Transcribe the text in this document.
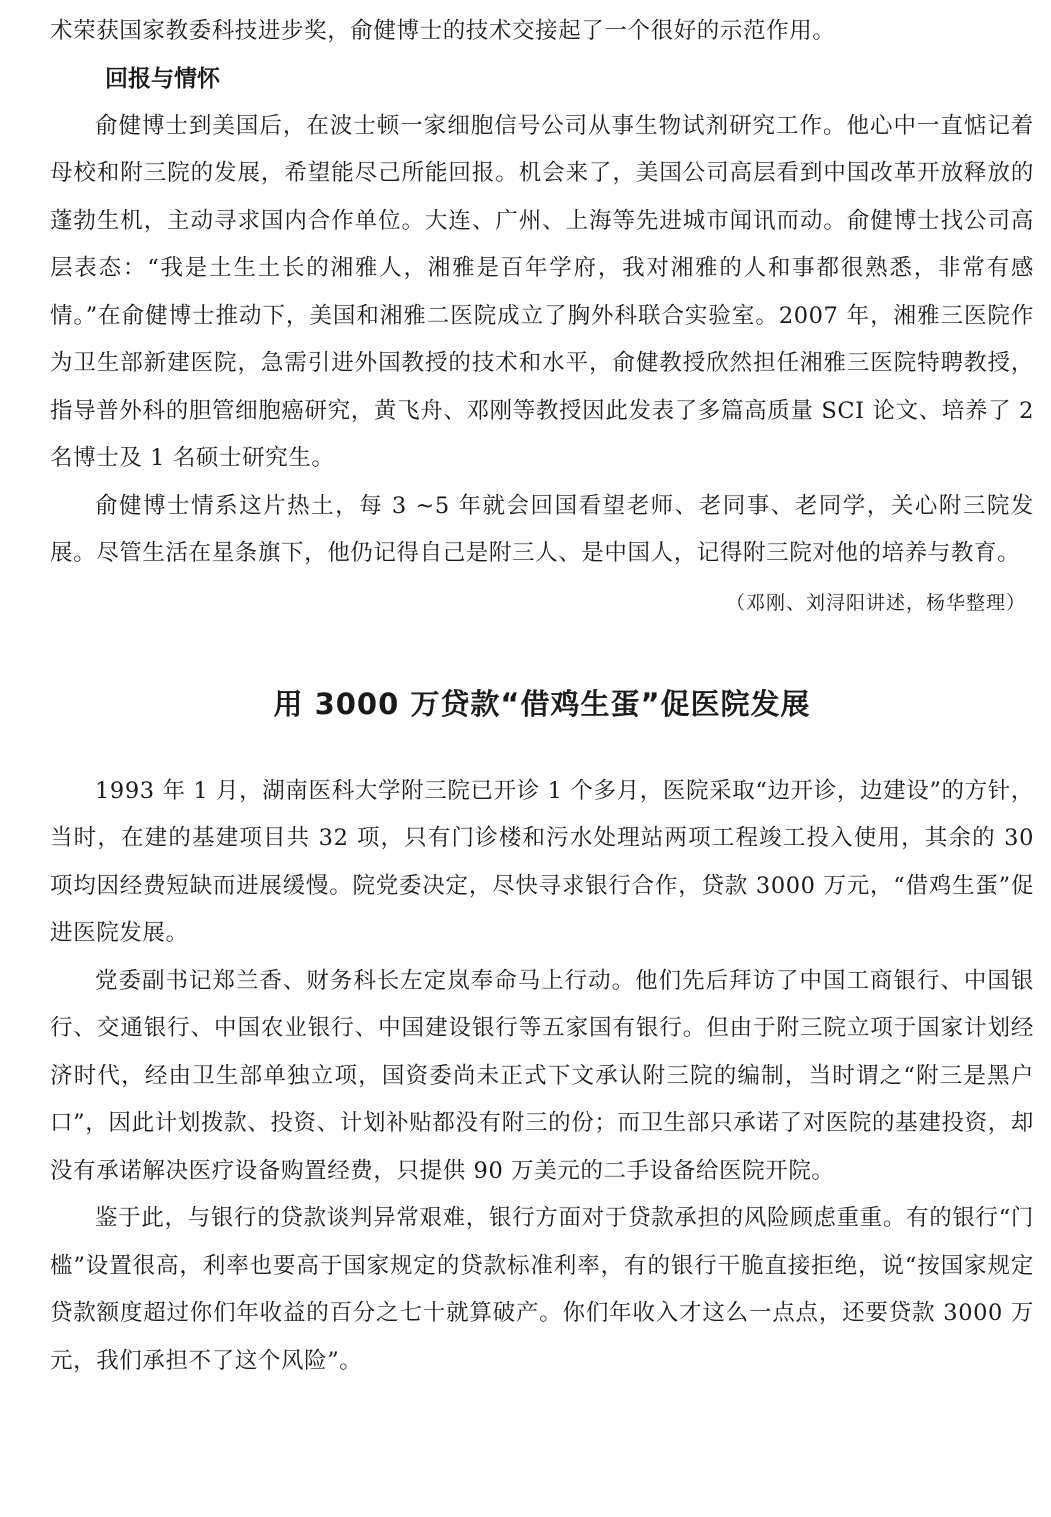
术荣获国家教委科技进步奖，俞健博士的技术交接起了一个很好的示范作用。

回报与情怀

俞健博士到美国后，在波士顿一家细胞信号公司从事生物试剂研究工作。他心中一直惦记着母校和附三院的发展，希望能尽己所能回报。机会来了，美国公司高层看到中国改革开放释放的蓬勃生机，主动寻求国内合作单位。大连、广州、上海等先进城市闻讯而动。俞健博士找公司高层表态：“我是土生土长的湘雅人，湘雅是百年学府，我对湘雅的人和事都很熟悉，非常有感情。”在俞健博士推动下，美国和湘雅二医院成立了胸外科联合实验室。2007 年，湘雅三医院作为卫生部新建医院，急需引进外国教授的技术和水平，俞健教授欣然担任湘雅三医院特聘教授，指导普外科的胆管细胞癌研究，黄飞舟、邓刚等教授因此发表了多篇高质量 SCI 论文、培养了 2 名博士及 1 名硕士研究生。

俞健博士情系这片热土，每 3 ~5 年就会回国看望老师、老同事、老同学，关心附三院发展。尽管生活在星条旗下，他仍记得自己是附三人、是中国人，记得附三院对他的培养与教育。

（邓刚、刘浔阳讲述，杨华整理）

用 3000 万贷款“借鸡生蛋”促医院发展

1993 年 1 月，湖南医科大学附三院已开诊 1 个多月，医院采取“边开诊，边建设”的方针，当时，在建的基建项目共 32 项，只有门诊楼和污水处理站两项工程竣工投入使用，其余的 30 项均因经费短缺而进展缓慢。院党委决定，尽快寻求银行合作，贷款 3000 万元，“借鸡生蛋”促进医院发展。

党委副书记郑兰香、财务科长左定岚奉命马上行动。他们先后拜访了中国工商银行、中国银行、交通银行、中国农业银行、中国建设银行等五家国有银行。但由于附三院立项于国家计划经济时代，经由卫生部单独立项，国资委尚未正式下文承认附三院的编制，当时谓之“附三是黑户口”，因此计划拨款、投资、计划补贴都没有附三的份；而卫生部只承诺了对医院的基建投资，却没有承诺解决医疗设备购置经费，只提供 90 万美元的二手设备给医院开院。

鉴于此，与银行的贷款谈判异常艰难，银行方面对于贷款承担的风险顾虑重重。有的银行“门槛”设置很高，利率也要高于国家规定的贷款标准利率，有的银行干脆直接拒绝，说“按国家规定贷款额度超过你们年收益的百分之七十就算破产。你们年收入才这么一点点，还要贷款 3000 万元，我们承担不了这个风险”。
